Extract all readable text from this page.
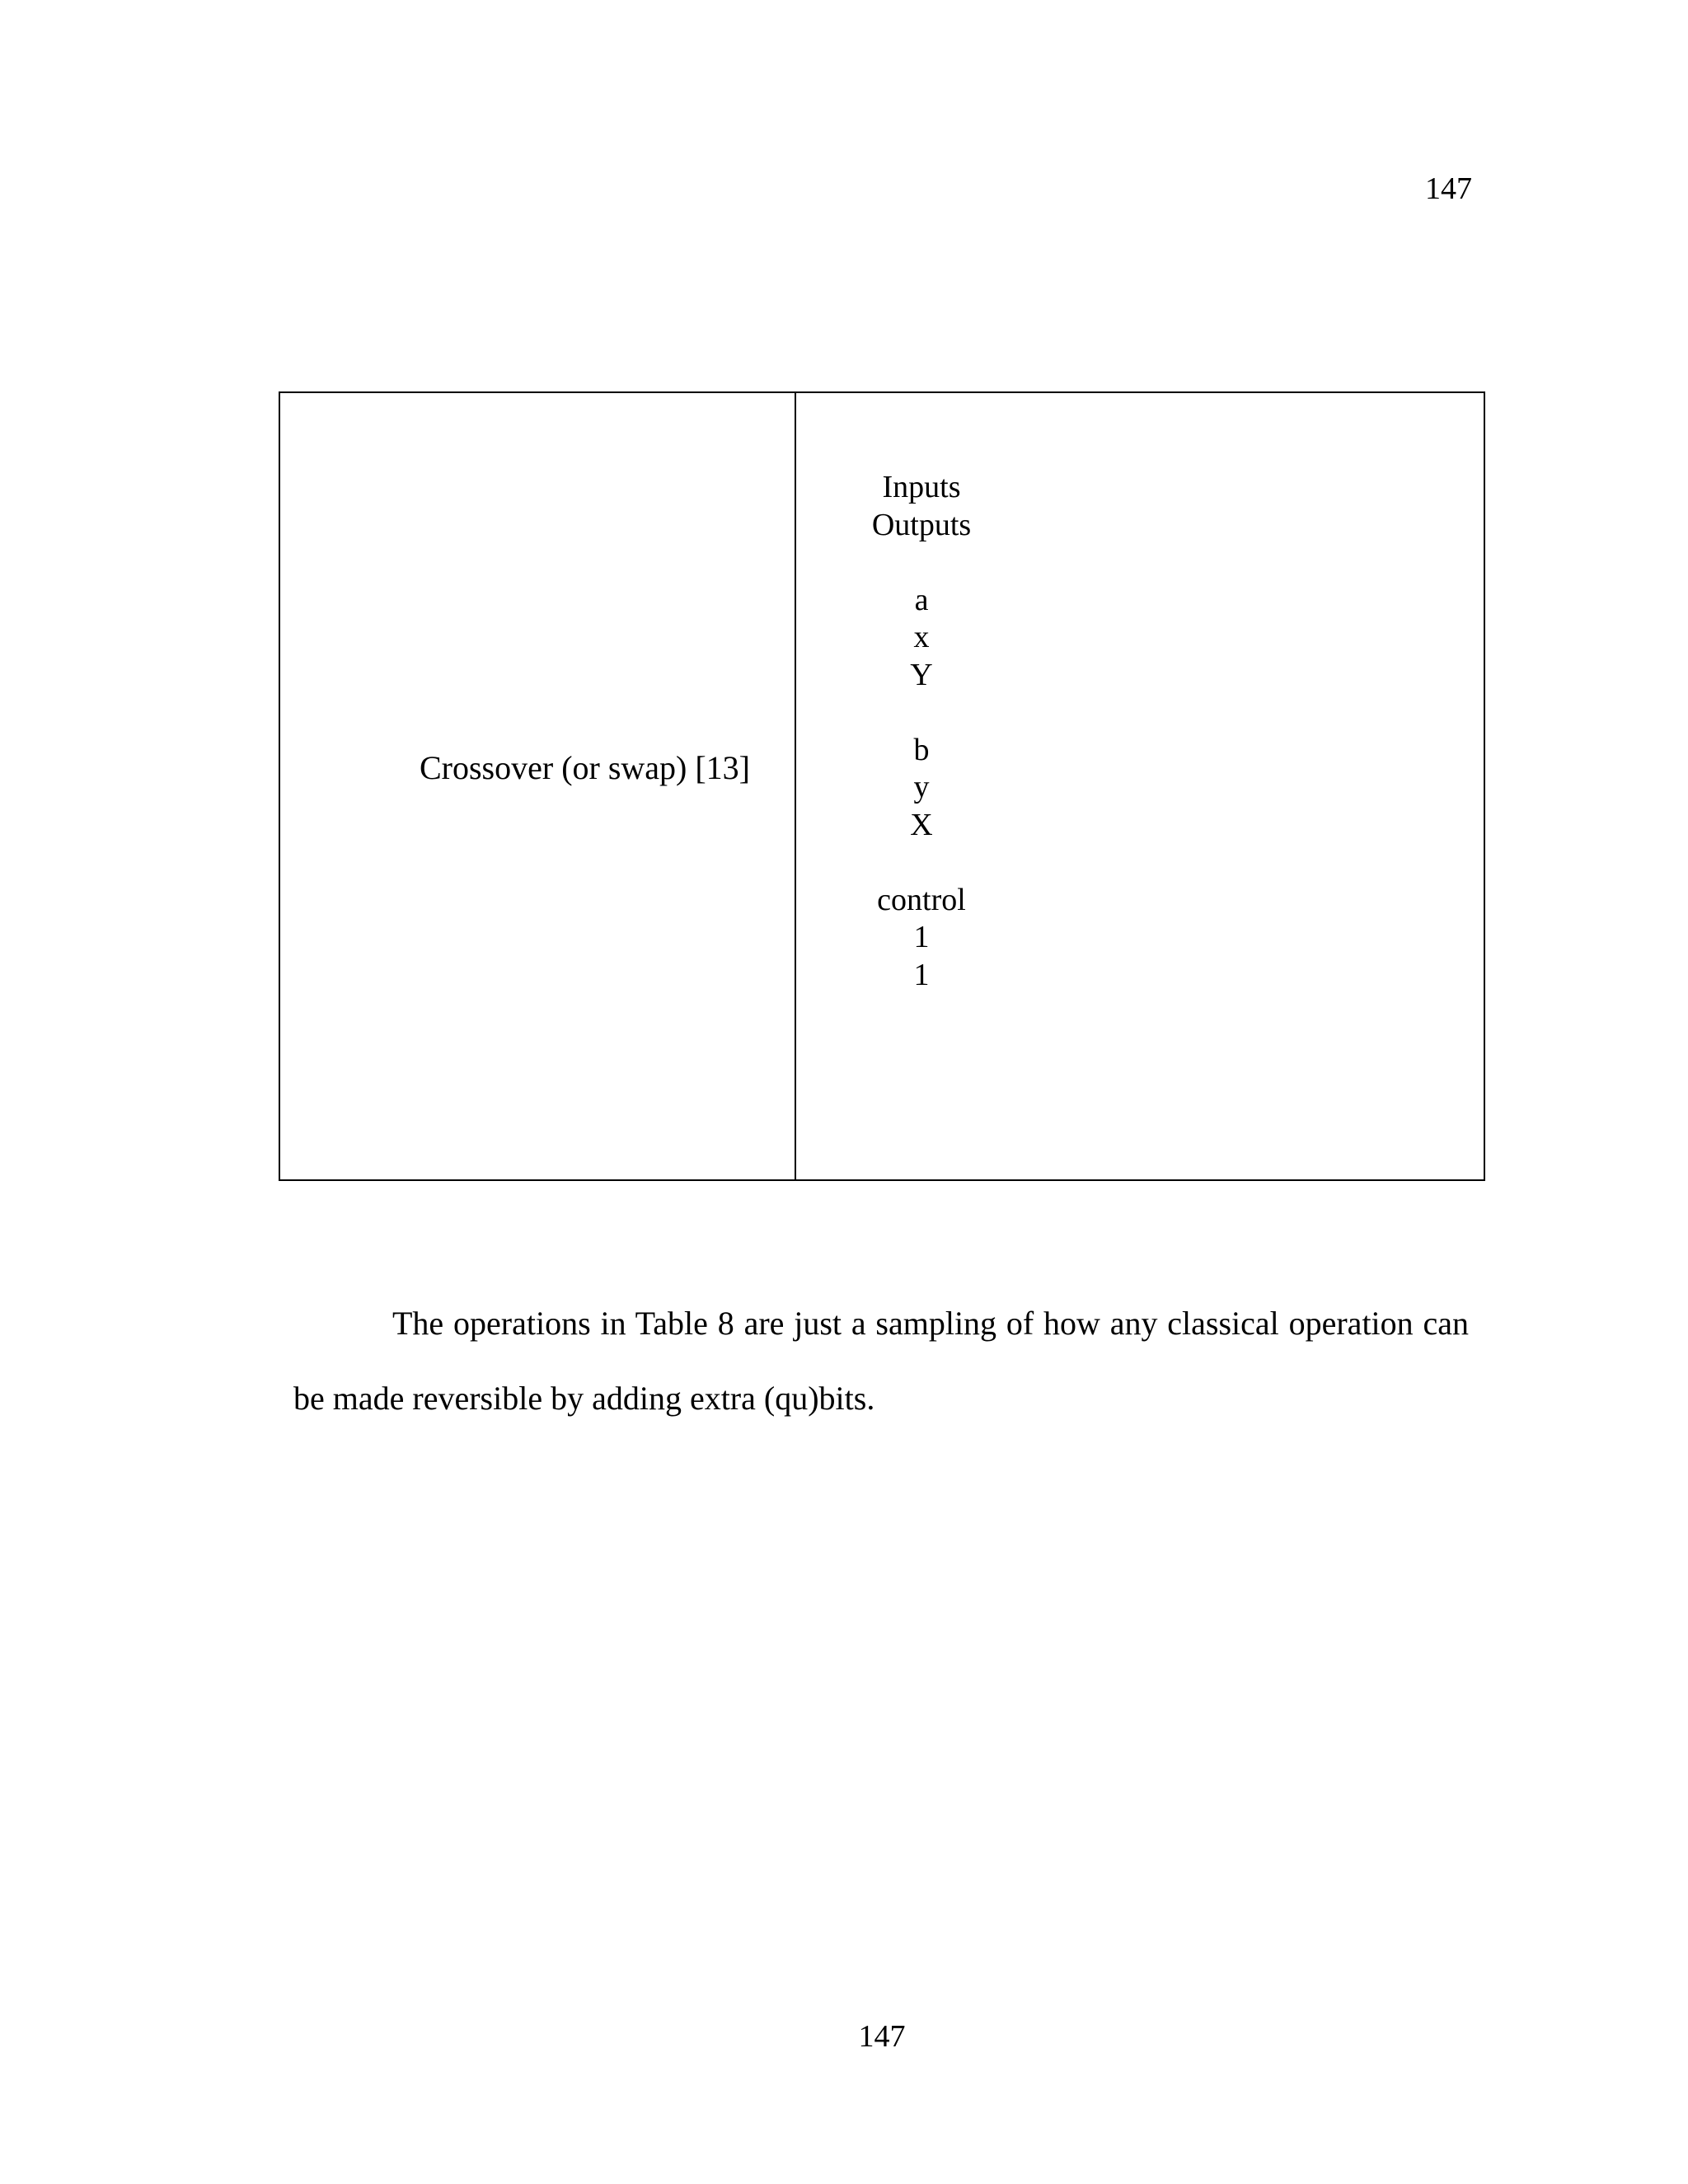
147
Crossover (or swap) [13]
Inputs
Outputs
a
x
Y
b
y
X
control
1
1

The operations in Table 8 are just a sampling of how any classical operation can be made reversible by adding extra (qu)bits.

147
